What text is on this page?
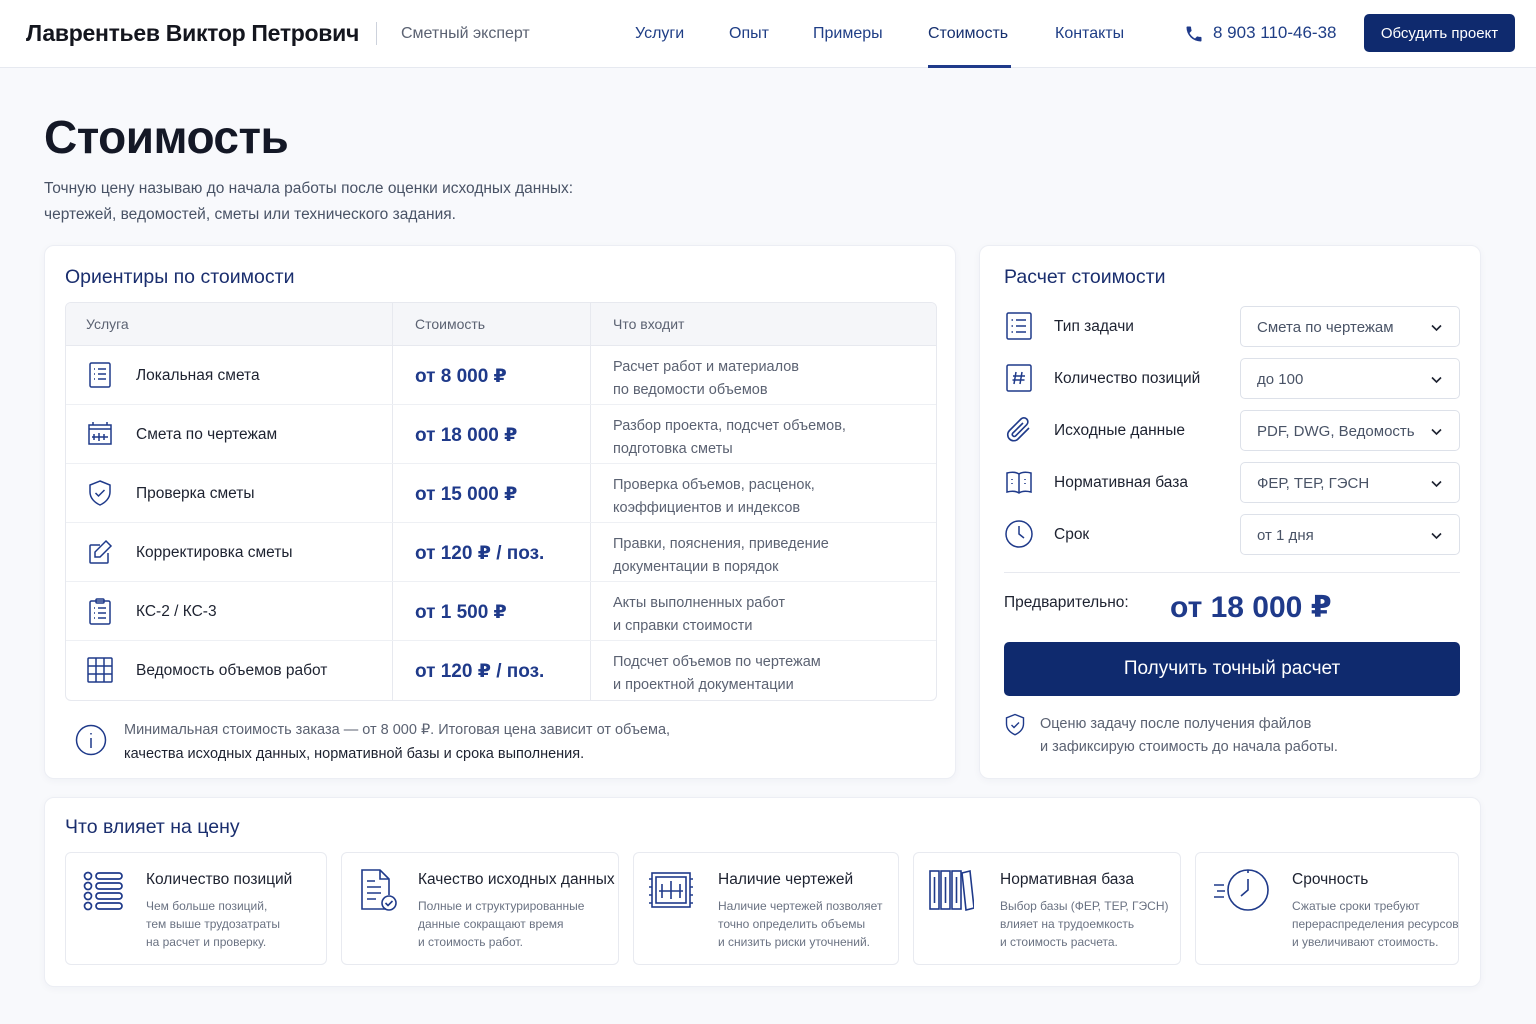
Лаврентьев Виктор Петрович	Сметный эксперт	Услуги	Опыт	Примеры	Стоимость	Контакты	8 903 110-46-38	Обсудить проект
Стоимость
Точную цену называю до начала работы после оценки исходных данных:
чертежей, ведомостей, сметы или технического задания.
Ориентиры по стоимости
Услуга	Стоимость	Что входит
Локальная смета	от 8 000 ₽	Расчет работ и материалов
по ведомости объемов
Смета по чертежам	от 18 000 ₽	Разбор проекта, подсчет объемов,
подготовка сметы
Проверка сметы	от 15 000 ₽	Проверка объемов, расценок,
коэффициентов и индексов
Корректировка сметы	от 120 ₽ / поз.	Правки, пояснения, приведение
документации в порядок
КС-2 / КС-3	от 1 500 ₽	Акты выполненных работ
и справки стоимости
Ведомость объемов работ	от 120 ₽ / поз.	Подсчет объемов по чертежам
и проектной документации
Минимальная стоимость заказа — от 8 000 ₽. Итоговая цена зависит от объема,
качества исходных данных, нормативной базы и срока выполнения.
Расчет стоимости
Тип задачи	Смета по чертежам
Количество позиций	до 100
Исходные данные	PDF, DWG, Ведомость
Нормативная база	ФЕР, ТЕР, ГЭСН
Срок	от 1 дня
Предварительно: от 18 000 ₽
Получить точный расчет
Оценю задачу после получения файлов
и зафиксирую стоимость до начала работы.
Что влияет на цену
Количество позиций
Чем больше позиций,
тем выше трудозатраты
на расчет и проверку.
Качество исходных данных
Полные и структурированные
данные сокращают время
и стоимость работ.
Наличие чертежей
Наличие чертежей позволяет
точно определить объемы
и снизить риски уточнений.
Нормативная база
Выбор базы (ФЕР, ТЕР, ГЭСН)
влияет на трудоемкость
и стоимость расчета.
Срочность
Сжатые сроки требуют
перераспределения ресурсов
и увеличивают стоимость.
